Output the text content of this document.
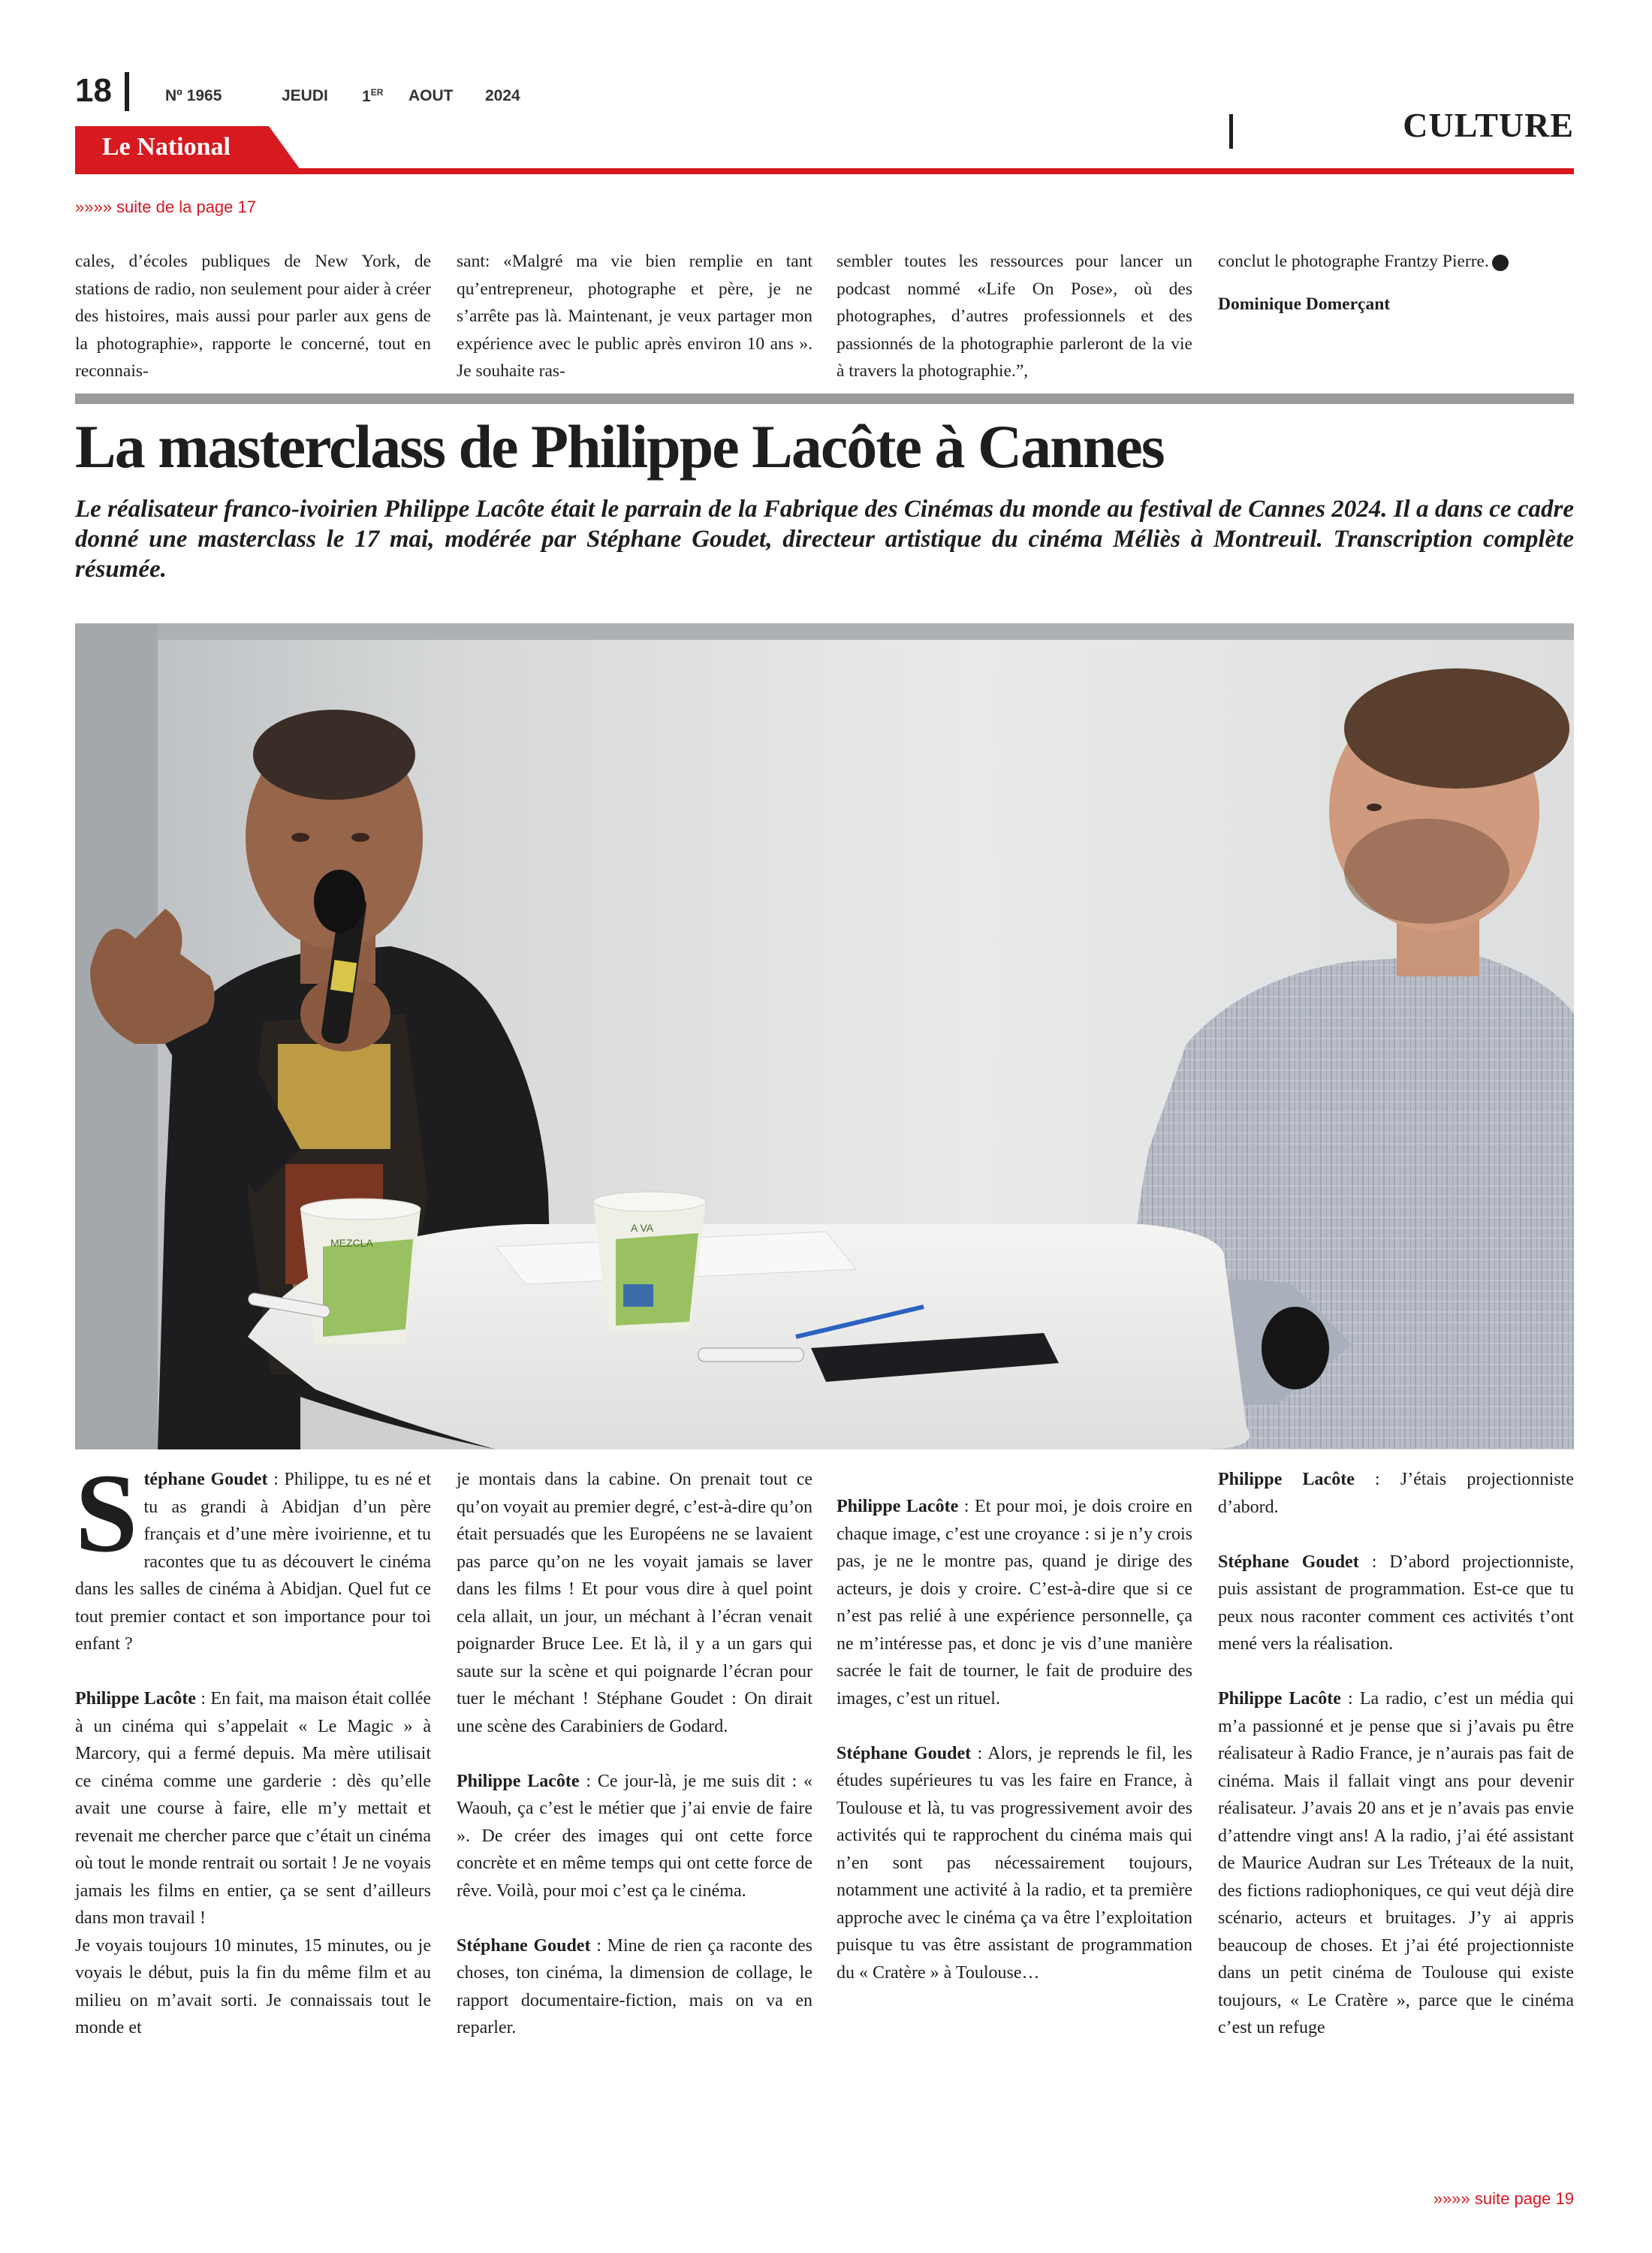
18	Nº 1965	JEUDI 1ER AOUT 2024
CULTURE
Le National
»»»» suite de la page 17

cales, d’écoles publiques de New York, de stations de radio, non seulement pour aider à créer des histoires, mais aussi pour parler aux gens de la photographie», rapporte le concerné, tout en reconnais-

sant: «Malgré ma vie bien remplie en tant qu’entrepreneur, photographe et père, je ne s’arrête pas là. Maintenant, je veux partager mon expérience avec le public après environ 10 ans ». Je souhaite ras-

sembler toutes les ressources pour lancer un podcast nommé «Life On Pose», où des photographes, d’autres professionnels et des passionnés de la photographie parleront de la vie à travers la photographie.”,

conclut le photographe Frantzy Pierre.

Dominique Domerçant

La masterclass de Philippe Lacôte à Cannes
Le réalisateur franco-ivoirien Philippe Lacôte était le parrain de la Fabrique des Cinémas du monde au festival de Cannes 2024. Il a dans ce cadre donné une masterclass le 17 mai, modérée par Stéphane Goudet, directeur artistique du cinéma Méliès à Montreuil. Transcription complète résumée.
MEZCLA
A VA

Stéphane Goudet : Philippe, tu es né et tu as grandi à Abidjan d’un père français et d’une mère ivoirienne, et tu racontes que tu as découvert le cinéma dans les salles de cinéma à Abidjan. Quel fut ce tout premier contact et son importance pour toi enfant ?

Philippe Lacôte : En fait, ma maison était collée à un cinéma qui s’appelait « Le Magic » à Marcory, qui a fermé depuis. Ma mère utilisait ce cinéma comme une garderie : dès qu’elle avait une course à faire, elle m’y mettait et revenait me chercher parce que c’était un cinéma où tout le monde rentrait ou sortait ! Je ne voyais jamais les films en entier, ça se sent d’ailleurs dans mon travail !

Je voyais toujours 10 minutes, 15 minutes, ou je voyais le début, puis la fin du même film et au milieu on m’avait sorti. Je connaissais tout le monde et

je montais dans la cabine. On prenait tout ce qu’on voyait au premier degré, c’est-à-dire qu’on était persuadés que les Européens ne se lavaient pas parce qu’on ne les voyait jamais se laver dans les films ! Et pour vous dire à quel point cela allait, un jour, un méchant à l’écran venait poignarder Bruce Lee. Et là, il y a un gars qui saute sur la scène et qui poignarde l’écran pour tuer le méchant ! Stéphane Goudet : On dirait une scène des Carabiniers de Godard.

Philippe Lacôte : Ce jour-là, je me suis dit : « Waouh, ça c’est le métier que j’ai envie de faire ». De créer des images qui ont cette force concrète et en même temps qui ont cette force de rêve. Voilà, pour moi c’est ça le cinéma.

Stéphane Goudet : Mine de rien ça raconte des choses, ton cinéma, la dimension de collage, le rapport documentaire-fiction, mais on va en reparler.

Philippe Lacôte : Et pour moi, je dois croire en chaque image, c’est une croyance : si je n’y crois pas, je ne le montre pas, quand je dirige des acteurs, je dois y croire. C’est-à-dire que si ce n’est pas relié à une expérience personnelle, ça ne m’intéresse pas, et donc je vis d’une manière sacrée le fait de tourner, le fait de produire des images, c’est un rituel.

Stéphane Goudet : Alors, je reprends le fil, les études supérieures tu vas les faire en France, à Toulouse et là, tu vas progressivement avoir des activités qui te rapprochent du cinéma mais qui n’en sont pas nécessairement toujours, notamment une activité à la radio, et ta première approche avec le cinéma ça va être l’exploitation puisque tu vas être assistant de programmation du « Cratère » à Toulouse…

Philippe Lacôte : J’étais projectionniste d’abord.

Stéphane Goudet : D’abord projectionniste, puis assistant de programmation. Est-ce que tu peux nous raconter comment ces activités t’ont mené vers la réalisation.

Philippe Lacôte : La radio, c’est un média qui m’a passionné et je pense que si j’avais pu être réalisateur à Radio France, je n’aurais pas fait de cinéma. Mais il fallait vingt ans pour devenir réalisateur. J’avais 20 ans et je n’avais pas envie d’attendre vingt ans! A la radio, j’ai été assistant de Maurice Audran sur Les Tréteaux de la nuit, des fictions radiophoniques, ce qui veut déjà dire scénario, acteurs et bruitages. J’y ai appris beaucoup de choses. Et j’ai été projectionniste dans un petit cinéma de Toulouse qui existe toujours, « Le Cratère », parce que le cinéma c’est un refuge

»»»» suite page 19
